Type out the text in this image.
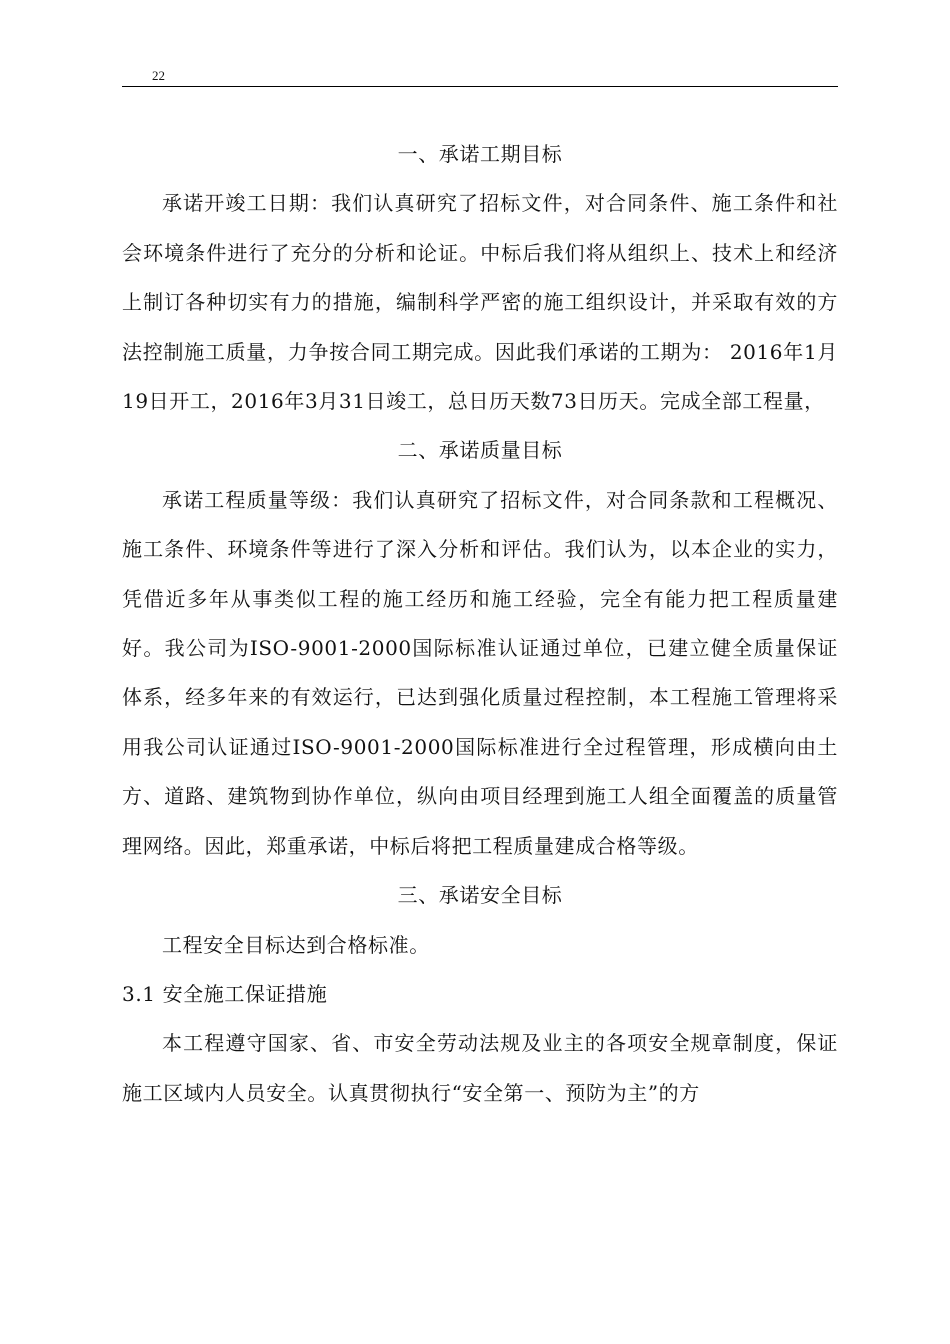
22

一、承诺工期目标

承诺开竣工日期：我们认真研究了招标文件，对合同条件、施工条件和社会环境条件进行了充分的分析和论证。中标后我们将从组织上、技术上和经济上制订各种切实有力的措施，编制科学严密的施工组织设计，并采取有效的方法控制施工质量，力争按合同工期完成。因此我们承诺的工期为： 2016年1月19日开工，2016年3月31日竣工，总日历天数73日历天。完成全部工程量，

二、承诺质量目标

承诺工程质量等级：我们认真研究了招标文件，对合同条款和工程概况、施工条件、环境条件等进行了深入分析和评估。我们认为，以本企业的实力，凭借近多年从事类似工程的施工经历和施工经验，完全有能力把工程质量建好。我公司为ISO-9001-2000国际标准认证通过单位，已建立健全质量保证体系，经多年来的有效运行，已达到强化质量过程控制，本工程施工管理将采用我公司认证通过ISO-9001-2000国际标准进行全过程管理，形成横向由土方、道路、建筑物到协作单位，纵向由项目经理到施工人组全面覆盖的质量管理网络。因此，郑重承诺，中标后将把工程质量建成合格等级。

三、承诺安全目标

工程安全目标达到合格标准。

3.1 安全施工保证措施

本工程遵守国家、省、市安全劳动法规及业主的各项安全规章制度，保证施工区域内人员安全。认真贯彻执行“安全第一、预防为主”的方
